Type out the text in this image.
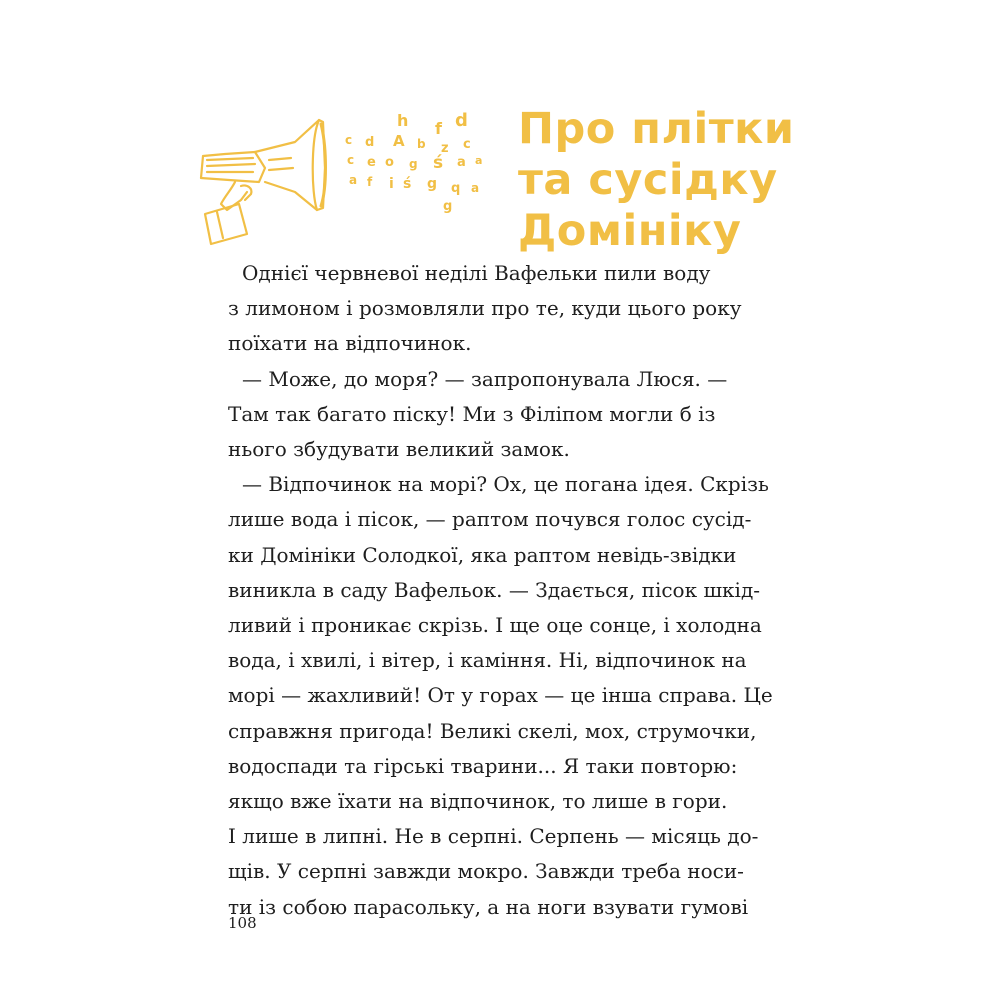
h f d
c d A b z c
c e o g ś a a
a f i ś g q a
g
Про плітки
та сусідку
Домініку
Однієї червневої неділі Вафельки пили воду
з лимоном і розмовляли про те, куди цього року
поїхати на відпочинок.
— Може, до моря? — запропонувала Люся. —
Там так багато піску! Ми з Філіпом могли б із
нього збудувати великий замок.
— Відпочинок на морі? Ох, це погана ідея. Скрізь
лише вода і пісок, — раптом почувся голос сусід-
ки Домініки Солодкої, яка раптом невідь-звідки
виникла в саду Вафельок. — Здається, пісок шкід-
ливий і проникає скрізь. І ще оце сонце, і холодна
вода, і хвилі, і вітер, і каміння. Ні, відпочинок на
морі — жахливий! От у горах — це інша справа. Це
справжня пригода! Великі скелі, мох, струмочки,
водоспади та гірські тварини... Я таки повторю:
якщо вже їхати на відпочинок, то лише в гори.
І лише в липні. Не в серпні. Серпень — місяць до-
щів. У серпні завжди мокро. Завжди треба носи-
ти із собою парасольку, а на ноги взувати гумові
108
